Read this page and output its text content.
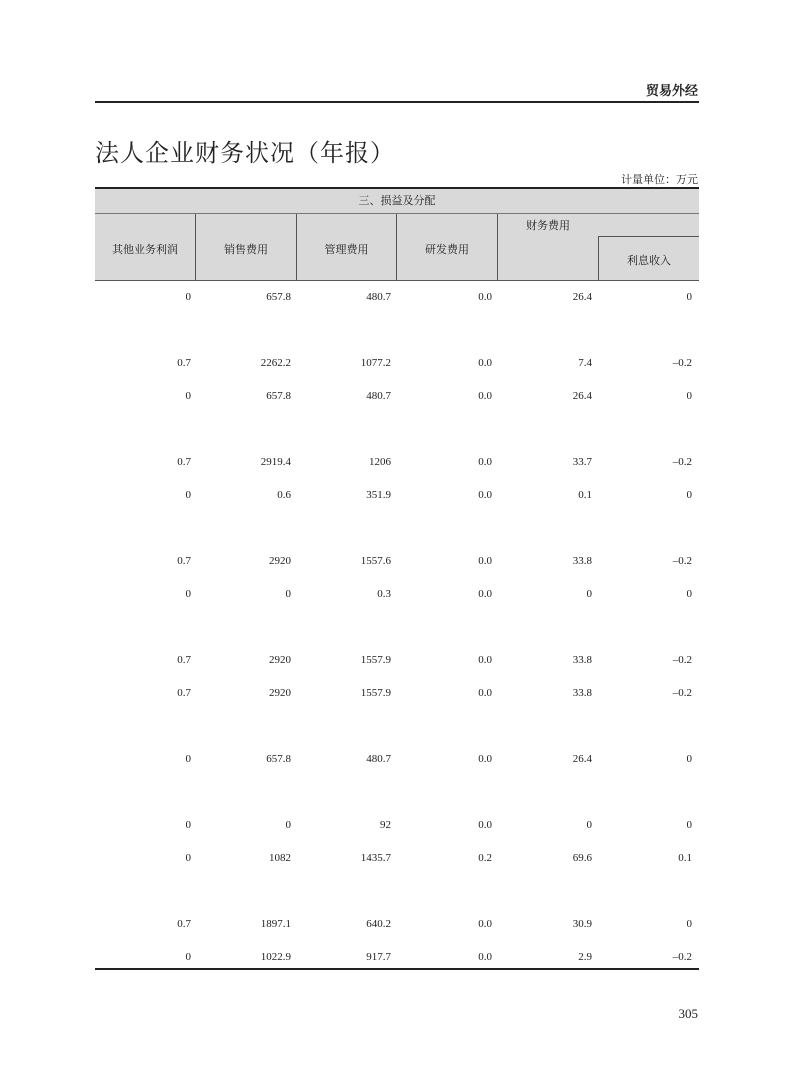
贸易外经
法人企业财务状况（年报）
计量单位：万元
三、损益及分配
其他业务利润	销售费用	管理费用	研发费用
财务费用
利息收入
0	657.8	480.7	0.0	26.4	0
0.7	2262.2	1077.2	0.0	7.4	–0.2
0	657.8	480.7	0.0	26.4	0
0.7	2919.4	1206	0.0	33.7	–0.2
0	0.6	351.9	0.0	0.1	0
0.7	2920	1557.6	0.0	33.8	–0.2
0	0	0.3	0.0	0	0
0.7	2920	1557.9	0.0	33.8	–0.2
0.7	2920	1557.9	0.0	33.8	–0.2
0	657.8	480.7	0.0	26.4	0
0	0	92	0.0	0	0
0	1082	1435.7	0.2	69.6	0.1
0.7	1897.1	640.2	0.0	30.9	0
0	1022.9	917.7	0.0	2.9	–0.2
305
